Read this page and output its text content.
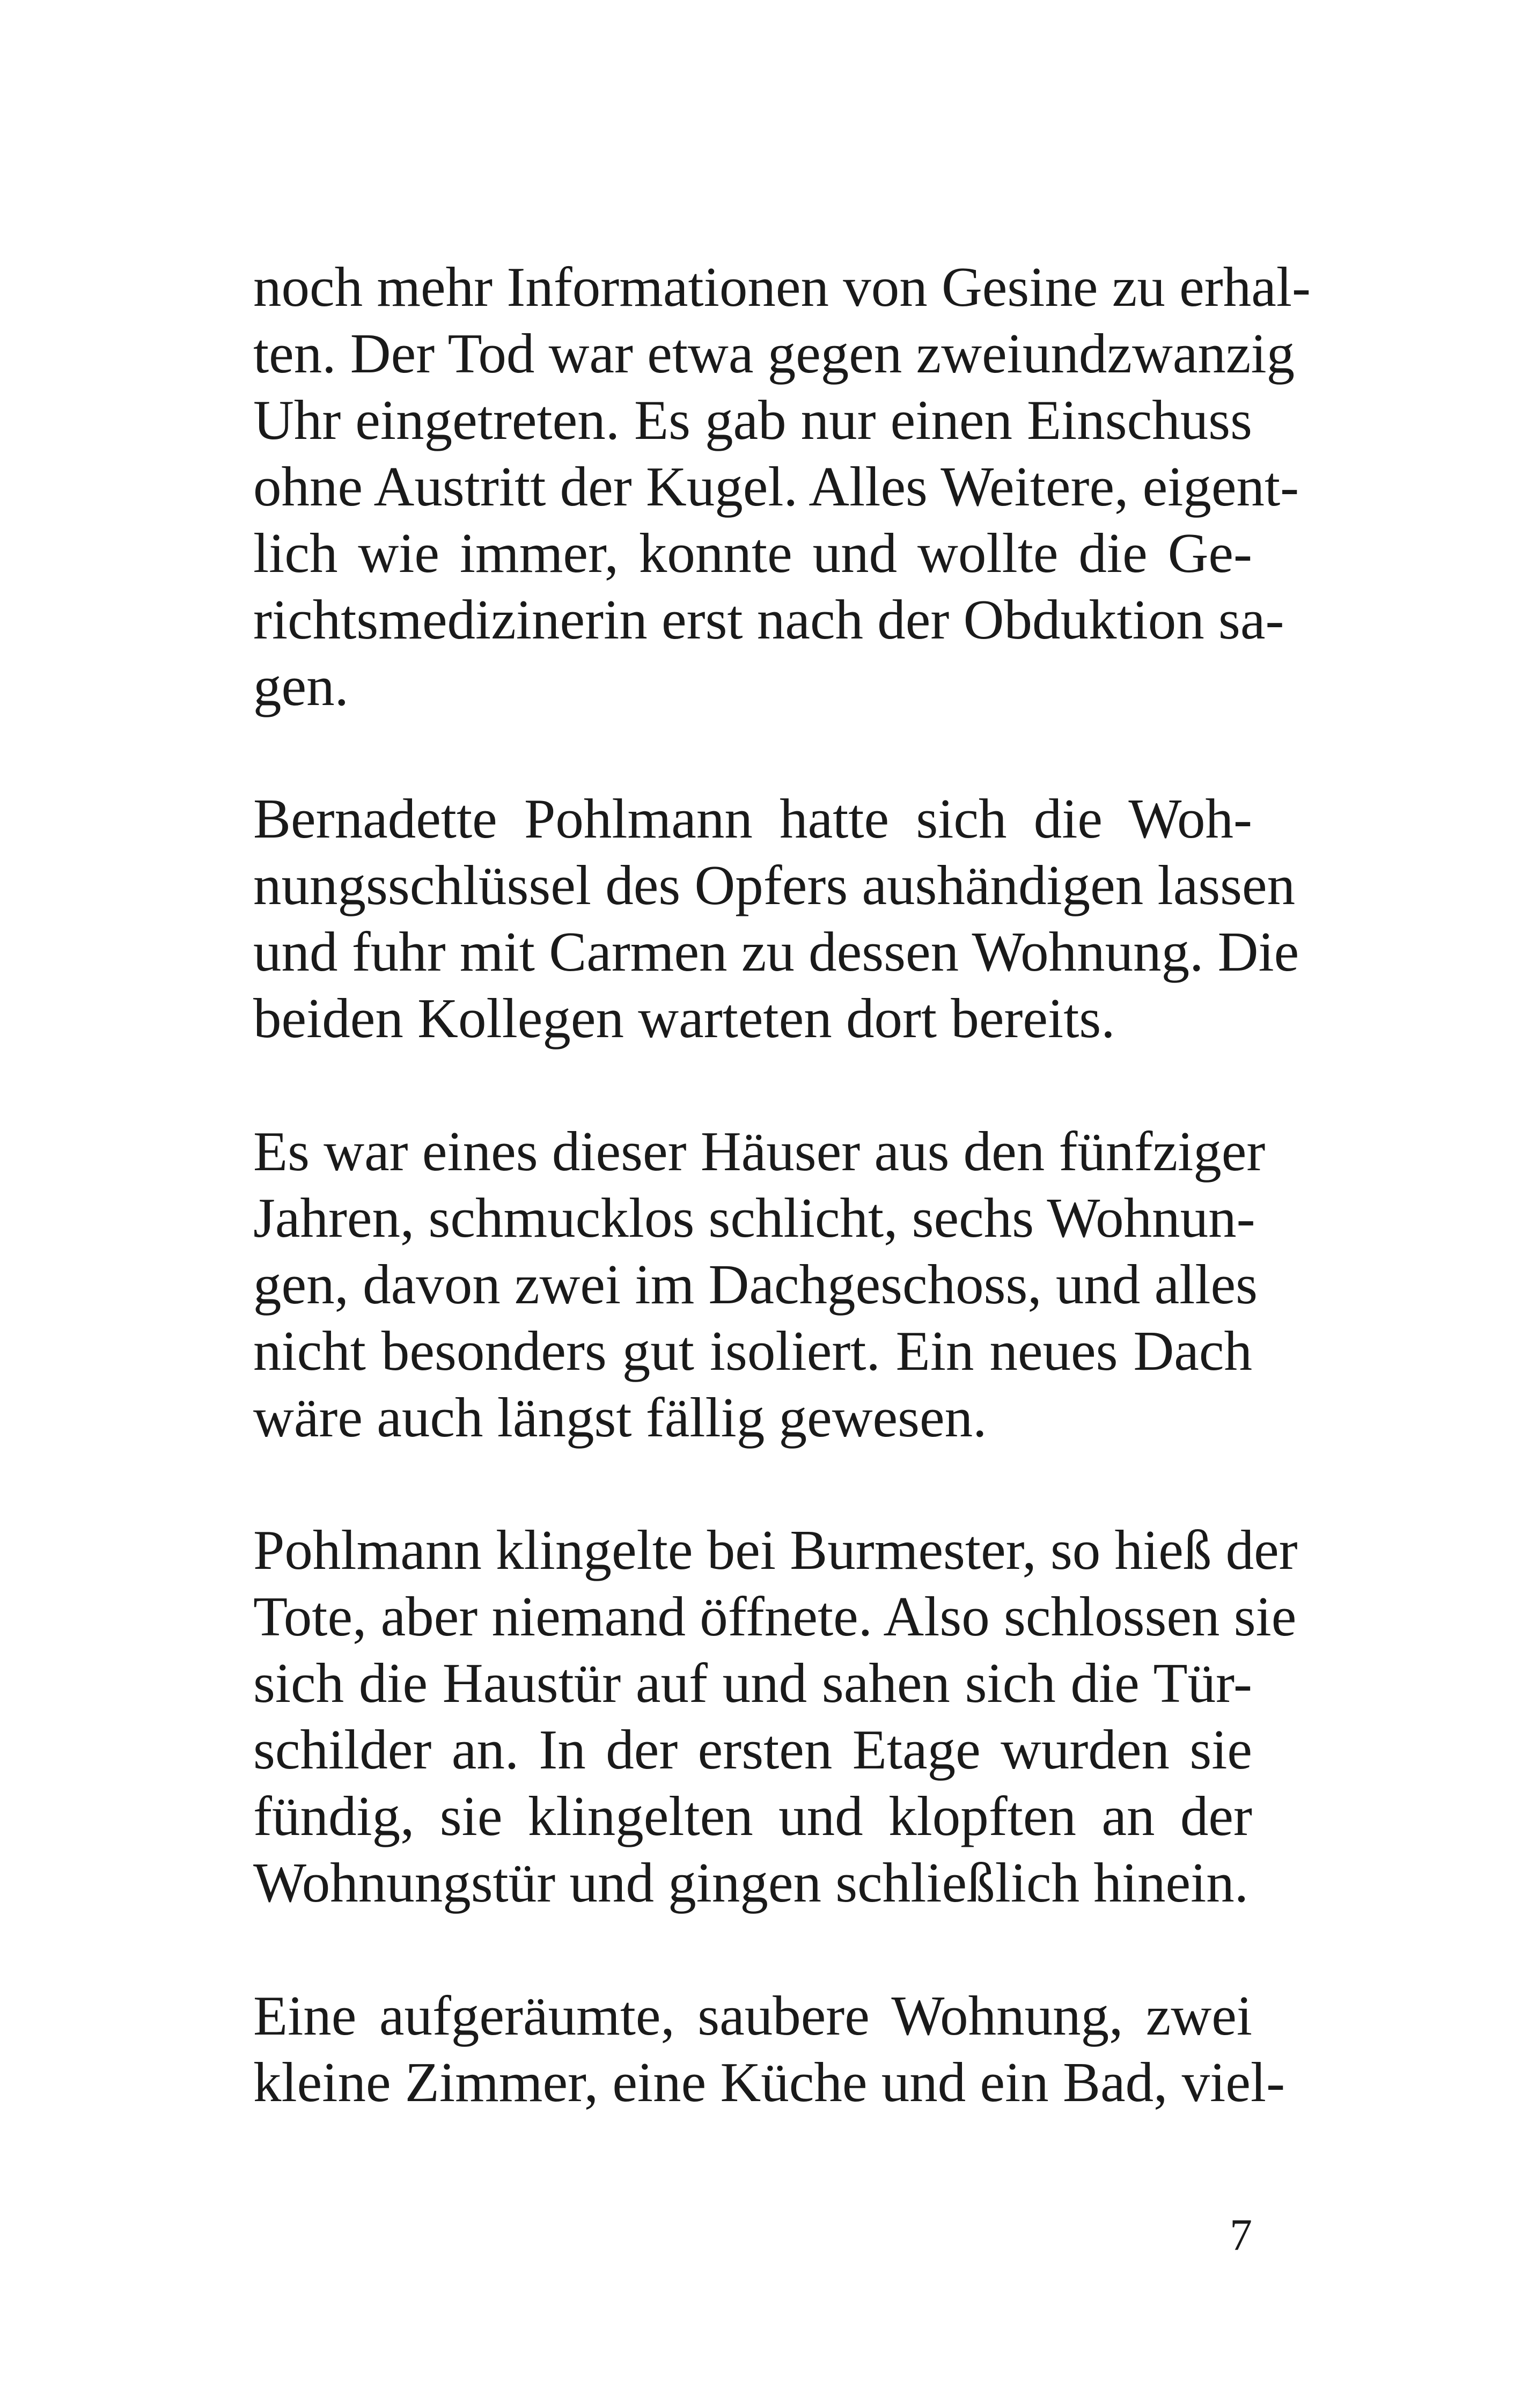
noch mehr Informationen von Gesine zu erhal-
ten. Der Tod war etwa gegen zweiundzwanzig
Uhr eingetreten. Es gab nur einen Einschuss
ohne Austritt der Kugel. Alles Weitere, eigent-
lich wie immer, konnte und wollte die Ge-
richtsmedizinerin erst nach der Obduktion sa-
gen.
Bernadette Pohlmann hatte sich die Woh-
nungsschlüssel des Opfers aushändigen lassen
und fuhr mit Carmen zu dessen Wohnung. Die
beiden Kollegen warteten dort bereits.
Es war eines dieser Häuser aus den fünfziger
Jahren, schmucklos schlicht, sechs Wohnun-
gen, davon zwei im Dachgeschoss, und alles
nicht besonders gut isoliert. Ein neues Dach
wäre auch längst fällig gewesen.
Pohlmann klingelte bei Burmester, so hieß der
Tote, aber niemand öffnete. Also schlossen sie
sich die Haustür auf und sahen sich die Tür-
schilder an. In der ersten Etage wurden sie
fündig, sie klingelten und klopften an der
Wohnungstür und gingen schließlich hinein.
Eine aufgeräumte, saubere Wohnung, zwei
kleine Zimmer, eine Küche und ein Bad, viel-
7
